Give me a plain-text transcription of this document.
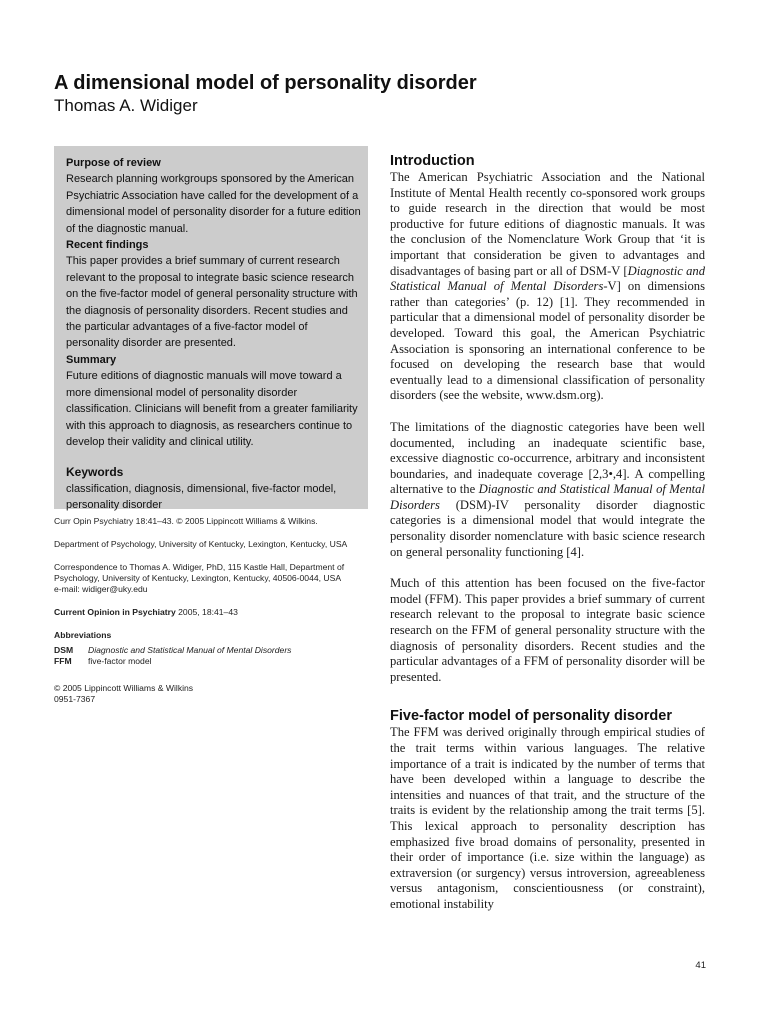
A dimensional model of personality disorder
Thomas A. Widiger
Purpose of review

Research planning workgroups sponsored by the American Psychiatric Association have called for the development of a dimensional model of personality disorder for a future edition of the diagnostic manual.

Recent findings

This paper provides a brief summary of current research relevant to the proposal to integrate basic science research on the five-factor model of general personality structure with the diagnosis of personality disorders. Recent studies and the particular advantages of a five-factor model of personality disorder are presented.

Summary

Future editions of diagnostic manuals will move toward a more dimensional model of personality disorder classification. Clinicians will benefit from a greater familiarity with this approach to diagnosis, as researchers continue to develop their validity and clinical utility.

Keywords

classification, diagnosis, dimensional, five-factor model, personality disorder

Curr Opin Psychiatry 18:41–43. © 2005 Lippincott Williams & Wilkins.

Department of Psychology, University of Kentucky, Lexington, Kentucky, USA

Correspondence to Thomas A. Widiger, PhD, 115 Kastle Hall, Department of Psychology, University of Kentucky, Lexington, Kentucky, 40506-0044, USA
e-mail: widiger@uky.edu

Current Opinion in Psychiatry 2005, 18:41–43

Abbreviations
DSM	Diagnostic and Statistical Manual of Mental Disorders
FFM	five-factor model
© 2005 Lippincott Williams & Wilkins
0951-7367
Introduction

The American Psychiatric Association and the National Institute of Mental Health recently co-sponsored work groups to guide research in the direction that would be most productive for future editions of diagnostic manuals. It was the conclusion of the Nomenclature Work Group that ‘it is important that consideration be given to advantages and disadvantages of basing part or all of DSM-V [Diagnostic and Statistical Manual of Mental Disorders-V] on dimensions rather than categories’ (p. 12) [1]. They recommended in particular that a dimensional model of personality disorder be developed. Toward this goal, the American Psychiatric Association is sponsoring an international conference to be focused on developing the research base that would eventually lead to a dimensional classification of personality disorders (see the website, www.dsm.org).

The limitations of the diagnostic categories have been well documented, including an inadequate scientific base, excessive diagnostic co-occurrence, arbitrary and inconsistent boundaries, and inadequate coverage [2,3•,4]. A compelling alternative to the Diagnostic and Statistical Manual of Mental Disorders (DSM)-IV personality disorder diagnostic categories is a dimensional model that would integrate the personality disorder nomenclature with basic science research on general personality functioning [4].

Much of this attention has been focused on the five-factor model (FFM). This paper provides a brief summary of current research relevant to the proposal to integrate basic science research on the FFM of general personality structure with the diagnosis of personality disorders. Recent studies and the particular advantages of a FFM of personality disorder will be presented.

Five-factor model of personality disorder

The FFM was derived originally through empirical studies of the trait terms within various languages. The relative importance of a trait is indicated by the number of terms that have been developed within a language to describe the intensities and nuances of that trait, and the structure of the traits is evident by the relationship among the trait terms [5]. This lexical approach to personality description has emphasized five broad domains of personality, presented in their order of importance (i.e. size within the language) as extraversion (or surgency) versus introversion, agreeableness versus antagonism, conscientiousness (or constraint), emotional instability

41
